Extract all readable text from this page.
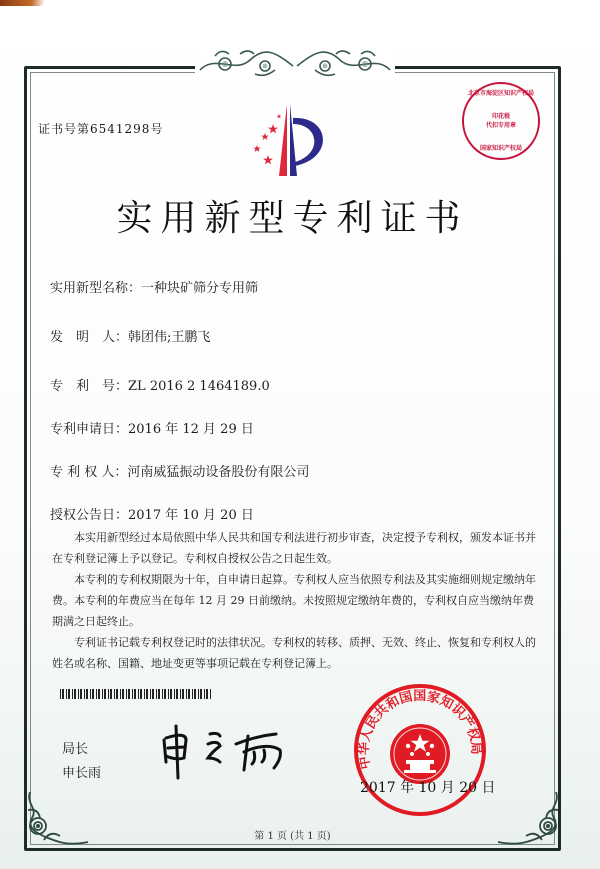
证书号第6541298号
北京市海淀区知识产权局
印花税
代扣专用章
国家知识产权局
实用新型专利证书
实用新型名称：一种块矿筛分专用筛
发　明　人：韩团伟;王鹏飞
专　利　号：ZL 2016 2 1464189.0
专利申请日：2016 年 12 月 29 日
专 利 权 人：河南威猛振动设备股份有限公司
授权公告日：2017 年 10 月 20 日

本实用新型经过本局依照中华人民共和国专利法进行初步审查，决定授予专利权，颁发本证书并在专利登记簿上予以登记。专利权自授权公告之日起生效。

本专利的专利权期限为十年，自申请日起算。专利权人应当依照专利法及其实施细则规定缴纳年费。本专利的年费应当在每年 12 月 29 日前缴纳。未按照规定缴纳年费的，专利权自应当缴纳年费期满之日起终止。

专利证书记载专利权登记时的法律状况。专利权的转移、质押、无效、终止、恢复和专利权人的姓名或名称、国籍、地址变更等事项记载在专利登记簿上。

局长
申长雨
中华人民共和国国家知识产权局
2017 年 10 月 20 日
第 1 页 (共 1 页)
